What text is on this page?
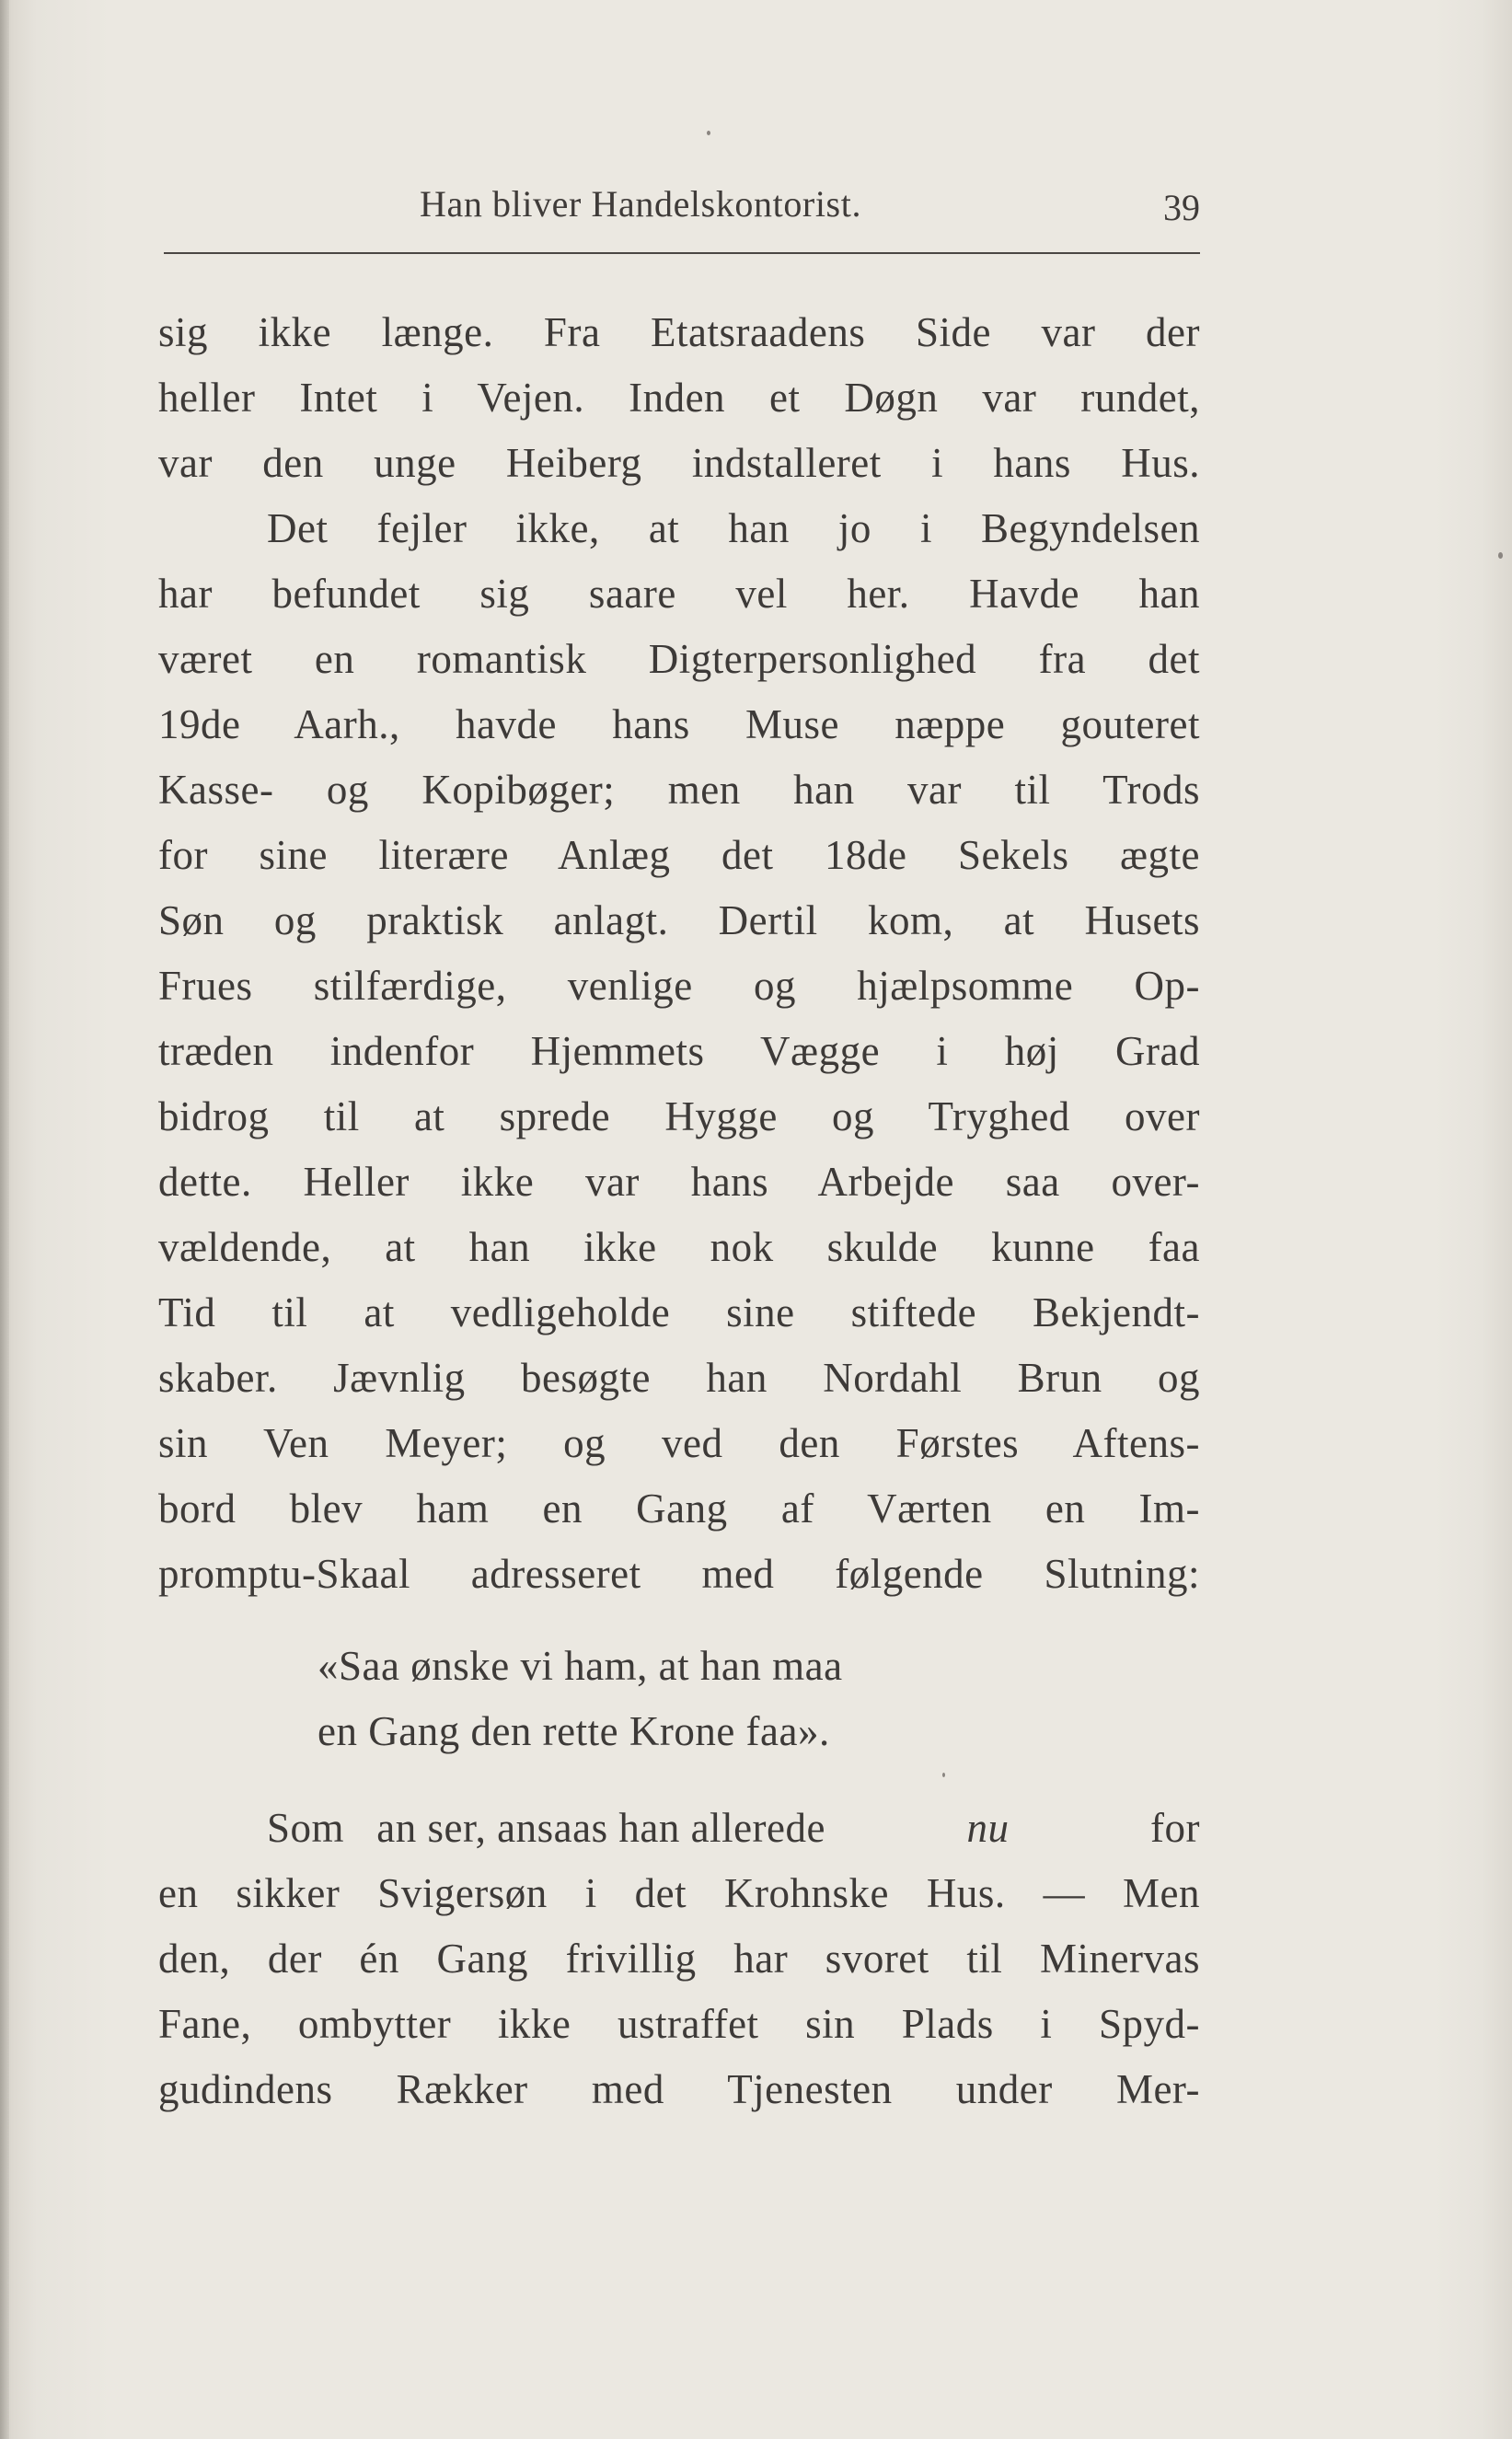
Han bliver Handelskontorist.	39
sig ikke længe. Fra Etatsraadens Side var der
heller Intet i Vejen. Inden et Døgn var rundet,
var den unge Heiberg indstalleret i hans Hus.
Det fejler ikke, at han jo i Begyndelsen
har befundet sig saare vel her. Havde han
været en romantisk Digterpersonlighed fra det
19de Aarh., havde hans Muse næppe gouteret
Kasse- og Kopibøger; men han var til Trods
for sine literære Anlæg det 18de Sekels ægte
Søn og praktisk anlagt. Dertil kom, at Husets
Frues stilfærdige, venlige og hjælpsomme Op-
træden indenfor Hjemmets Vægge i høj Grad
bidrog til at sprede Hygge og Tryghed over
dette. Heller ikke var hans Arbejde saa over-
vældende, at han ikke nok skulde kunne faa
Tid til at vedligeholde sine stiftede Bekjendt-
skaber. Jævnlig besøgte han Nordahl Brun og
sin Ven Meyer; og ved den Førstes Aftens-
bord blev ham en Gang af Værten en Im-
promptu-Skaal adresseret med følgende Slutning:
«Saa ønske vi ham, at han maa
en Gang den rette Krone faa».
Som   an ser, ansaas han allerede	nu	for
en sikker Svigersøn i det Krohnske Hus. — Men
den, der én Gang frivillig har svoret til Minervas
Fane, ombytter ikke ustraffet sin Plads i Spyd-
gudindens Rækker med Tjenesten under Mer-
